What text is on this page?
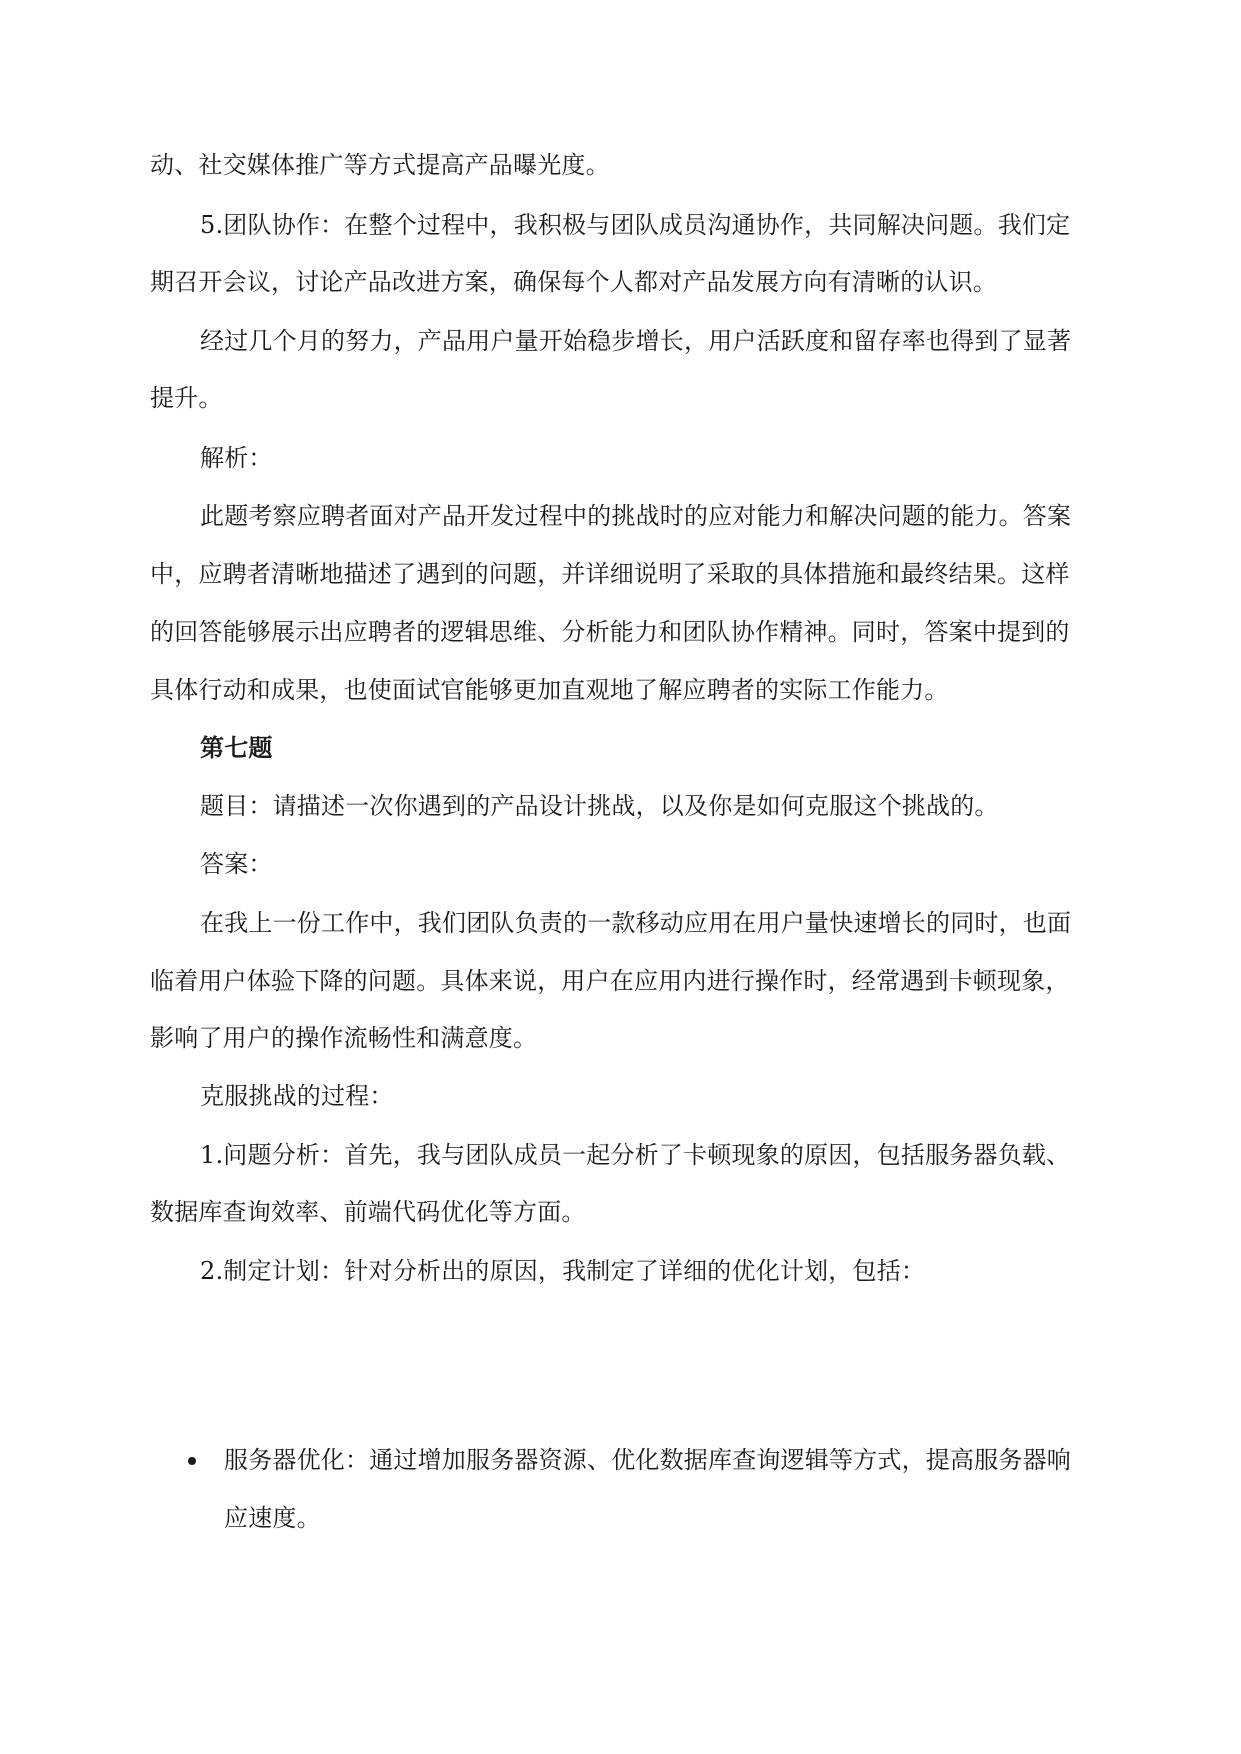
动、社交媒体推广等方式提高产品曝光度。
5.团队协作：在整个过程中，我积极与团队成员沟通协作，共同解决问题。我们定
期召开会议，讨论产品改进方案，确保每个人都对产品发展方向有清晰的认识。
经过几个月的努力，产品用户量开始稳步增长，用户活跃度和留存率也得到了显著
提升。
解析：
此题考察应聘者面对产品开发过程中的挑战时的应对能力和解决问题的能力。答案
中，应聘者清晰地描述了遇到的问题，并详细说明了采取的具体措施和最终结果。这样
的回答能够展示出应聘者的逻辑思维、分析能力和团队协作精神。同时，答案中提到的
具体行动和成果，也使面试官能够更加直观地了解应聘者的实际工作能力。
第七题
题目：请描述一次你遇到的产品设计挑战，以及你是如何克服这个挑战的。
答案：
在我上一份工作中，我们团队负责的一款移动应用在用户量快速增长的同时，也面
临着用户体验下降的问题。具体来说，用户在应用内进行操作时，经常遇到卡顿现象，
影响了用户的操作流畅性和满意度。
克服挑战的过程：
1.问题分析：首先，我与团队成员一起分析了卡顿现象的原因，包括服务器负载、
数据库查询效率、前端代码优化等方面。
2.制定计划：针对分析出的原因，我制定了详细的优化计划，包括：
服务器优化：通过增加服务器资源、优化数据库查询逻辑等方式，提高服务器响
应速度。
